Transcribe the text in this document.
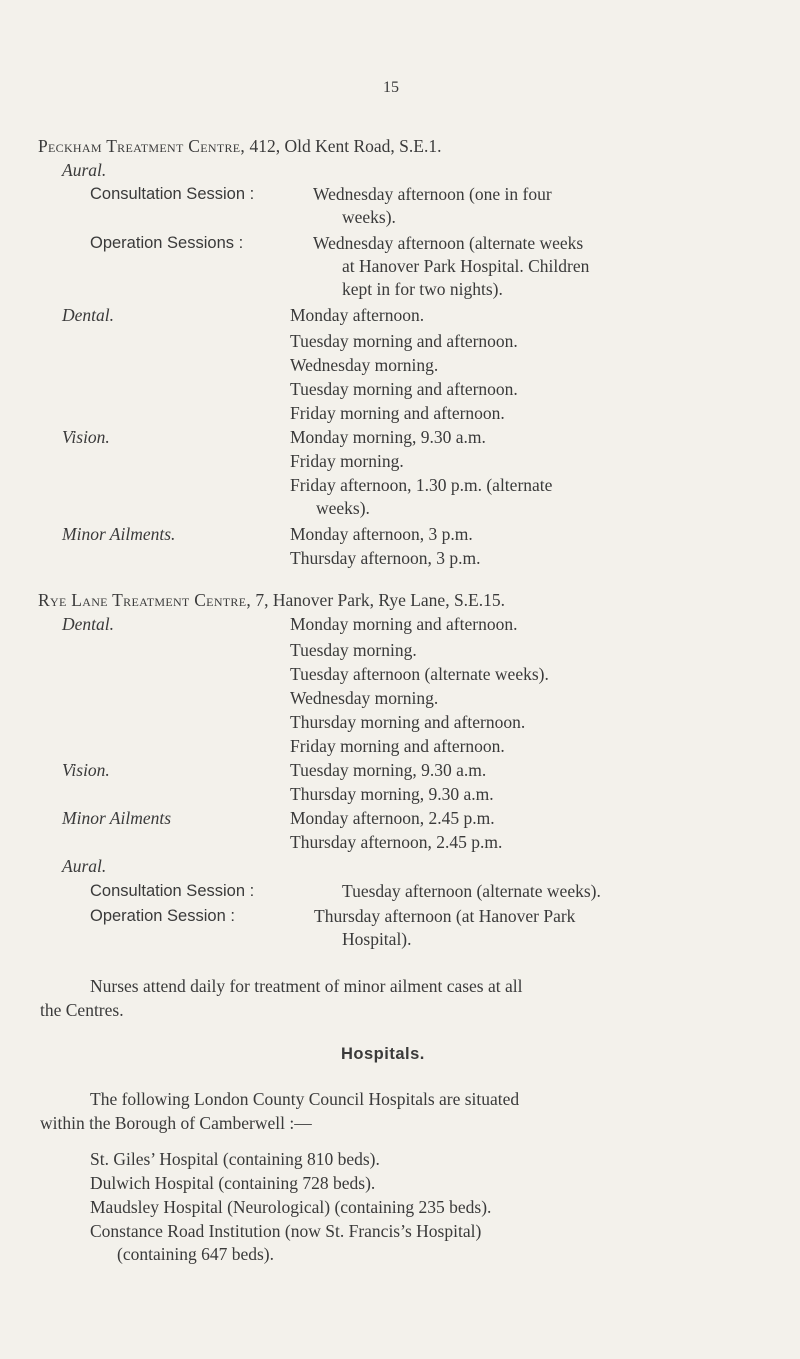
15
Peckham Treatment Centre, 412, Old Kent Road, S.E.1.
Aural.
Consultation Session :	Wednesday afternoon (one in four
weeks).
Operation Sessions :	Wednesday afternoon (alternate weeks
at Hanover Park Hospital. Children
kept in for two nights).
Dental.	Monday afternoon.
Tuesday morning and afternoon.
Wednesday morning.
Tuesday morning and afternoon.
Friday morning and afternoon.
Vision.	Monday morning, 9.30 a.m.
Friday morning.
Friday afternoon, 1.30 p.m. (alternate
weeks).
Minor Ailments.	Monday afternoon, 3 p.m.
Thursday afternoon, 3 p.m.
Rye Lane Treatment Centre, 7, Hanover Park, Rye Lane, S.E.15.
Dental.	Monday morning and afternoon.
Tuesday morning.
Tuesday afternoon (alternate weeks).
Wednesday morning.
Thursday morning and afternoon.
Friday morning and afternoon.
Vision.	Tuesday morning, 9.30 a.m.
Thursday morning, 9.30 a.m.
Minor Ailments	Monday afternoon, 2.45 p.m.
Thursday afternoon, 2.45 p.m.
Aural.
Consultation Session :	Tuesday afternoon (alternate weeks).
Operation Session :	Thursday afternoon (at Hanover Park
Hospital).
Nurses attend daily for treatment of minor ailment cases at all
the Centres.
Hospitals.
The following London County Council Hospitals are situated
within the Borough of Camberwell :—
St. Giles’ Hospital (containing 810 beds).
Dulwich Hospital (containing 728 beds).
Maudsley Hospital (Neurological) (containing 235 beds).
Constance Road Institution (now St. Francis’s Hospital)
(containing 647 beds).
